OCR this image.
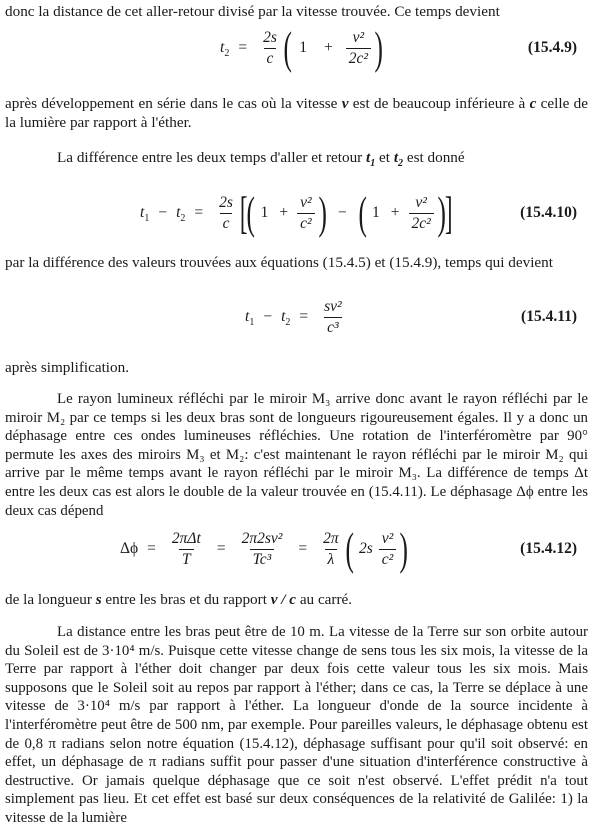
donc la distance de cet aller-retour divisé par la vitesse trouvée. Ce temps devient

$t_2 = \frac{2s}{c}$ ( $1 + \frac{\text{v²}}{\text{2c²}}$ )	(15.4.9)

après développement en série dans le cas où la vitesse v est de beaucoup inférieure à c celle de la lumière par rapport à l'éther.

La différence entre les deux temps d'aller et retour $t_1$ et $t_2$ est donné

$t_1 - t_2 = \frac{2s}{c}$ [ ( $1 + \frac{\text{v²}}{\text{c²}}$ ) − ( $1 + \frac{\text{v²}}{\text{2c²}}$ ) ]	(15.4.10)

par la différence des valeurs trouvées aux équations (15.4.5) et (15.4.9), temps qui devient

$t_1 - t_2 = \frac{\text{sv²}}{\text{c³}}$	(15.4.11)

après simplification.

Le rayon lumineux réfléchi par le miroir M₃ arrive donc avant le rayon réfléchi par le miroir M₂ par ce temps si les deux bras sont de longueurs rigoureusement égales. Il y a donc un déphasage entre ces ondes lumineuses réfléchies. Une rotation de l'interféromètre par 90° permute les axes des miroirs M₃ et M₂: c'est maintenant le rayon réfléchi par le miroir M₂ qui arrive par le même temps avant le rayon réfléchi par le miroir M₃. La différence de temps Δt entre les deux cas est alors le double de la valeur trouvée en (15.4.11). Le déphasage Δϕ entre les deux cas dépend

$\Delta\phi = \frac{\text{2πΔt}}{T} = \frac{\text{2π2sv²}}{\text{Tc³}} = \frac{2\pi}{\lambda}$ ( $2s \frac{\text{v²}}{\text{c²}}$ )	(15.4.12)

de la longueur s entre les bras et du rapport v / c au carré.

La distance entre les bras peut être de 10 m. La vitesse de la Terre sur son orbite autour du Soleil est de 3·10⁴ m/s. Puisque cette vitesse change de sens tous les six mois, la vitesse de la Terre par rapport à l'éther doit changer par deux fois cette valeur tous les six mois. Mais supposons que le Soleil soit au repos par rapport à l'éther; dans ce cas, la Terre se déplace à une vitesse de 3·10⁴ m/s par rapport à l'éther. La longueur d'onde de la source incidente à l'interféromètre peut être de 500 nm, par exemple. Pour pareilles valeurs, le déphasage obtenu est de 0,8 π radians selon notre équation (15.4.12), déphasage suffisant pour qu'il soit observé: en effet, un déphasage de π radians suffit pour passer d'une situation d'interférence constructive à destructive. Or jamais quelque déphasage que ce soit n'est observé. L'effet prédit n'a tout simplement pas lieu. Et cet effet est basé sur deux conséquences de la relativité de Galilée: 1) la vitesse de la lumière
